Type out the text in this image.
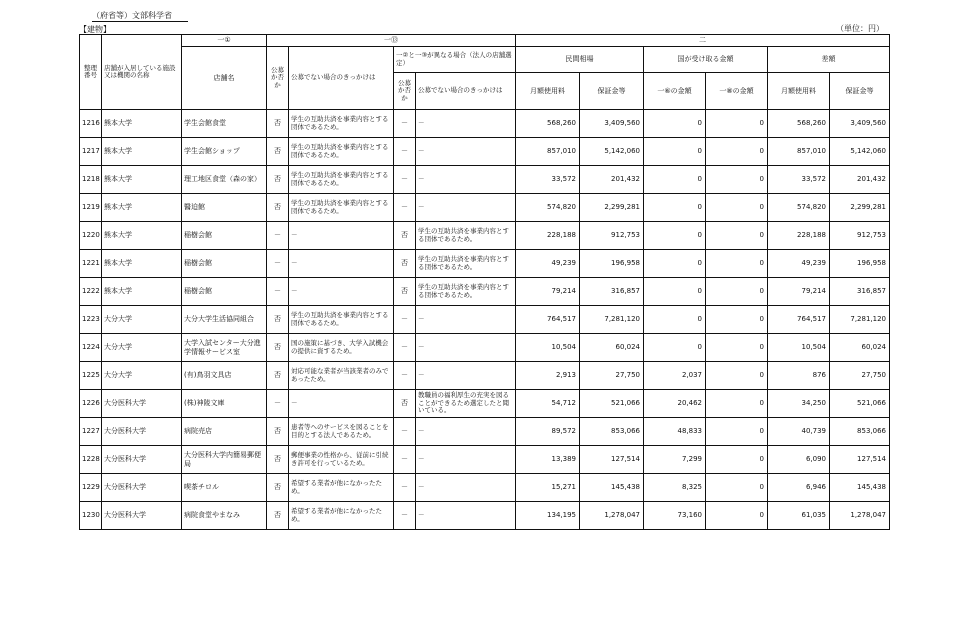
（府省等）文部科学省
【建物】	（単位：円）
整理番号	店舗が入居している施設又は機関の名称	一①	一⑬				二					
		店舗名	公募か否か	公募でない場合のきっかけは	一②と一③が異なる場合（法人の店舗選定）		民間相場		国が受け取る金額		差額	
					公募か否か	公募でない場合のきっかけは	月額使用料	保証金等	一⑥の金額	一⑧の金額	月額使用料	保証金等
1216	熊本大学	学生会館食堂	否	学生の互助共済を事業内容とする団体であるため。	－	－	568,260	3,409,560	0	0	568,260	3,409,560
1217	熊本大学	学生会館ショップ	否	学生の互助共済を事業内容とする団体であるため。	－	－	857,010	5,142,060	0	0	857,010	5,142,060
1218	熊本大学	理工地区食堂（森の家）	否	学生の互助共済を事業内容とする団体であるため。	－	－	33,572	201,432	0	0	33,572	201,432
1219	熊本大学	醫迫館	否	学生の互助共済を事業内容とする団体であるため。	－	－	574,820	2,299,281	0	0	574,820	2,299,281
1220	熊本大学	稲樹会館	－	－	否	学生の互助共済を事業内容とする団体であるため。	228,188	912,753	0	0	228,188	912,753
1221	熊本大学	稲樹会館	－	－	否	学生の互助共済を事業内容とする団体であるため。	49,239	196,958	0	0	49,239	196,958
1222	熊本大学	稲樹会館	－	－	否	学生の互助共済を事業内容とする団体であるため。	79,214	316,857	0	0	79,214	316,857
1223	大分大学	大分大学生活協同組合	否	学生の互助共済を事業内容とする団体であるため。	－	－	764,517	7,281,120	0	0	764,517	7,281,120
1224	大分大学	大学入試センター大分進学情報サービス室	否	国の施策に基づき、大学入試機会の提供に資するため。	－	－	10,504	60,024	0	0	10,504	60,024
1225	大分大学	(有)鳥羽文具店	否	対応可能な業者が当該業者のみであったため。	－	－	2,913	27,750	2,037	0	876	27,750
1226	大分医科大学	(株)神陵文庫	－	－	否	教職員の福利厚生の充実を図ることができるため選定したと聞いている。	54,712	521,066	20,462	0	34,250	521,066
1227	大分医科大学	病院売店	否	患者等へのサービスを図ることを目的とする法人であるため。	－	－	89,572	853,066	48,833	0	40,739	853,066
1228	大分医科大学	大分医科大学内簡易郵便局	否	郵便事業の性格から、従前に引続き許可を行っているため。	－	－	13,389	127,514	7,299	0	6,090	127,514
1229	大分医科大学	喫茶チロル	否	希望する業者が他になかったため。	－	－	15,271	145,438	8,325	0	6,946	145,438
1230	大分医科大学	病院食堂やまなみ	否	希望する業者が他になかったため。	－	－	134,195	1,278,047	73,160	0	61,035	1,278,047
